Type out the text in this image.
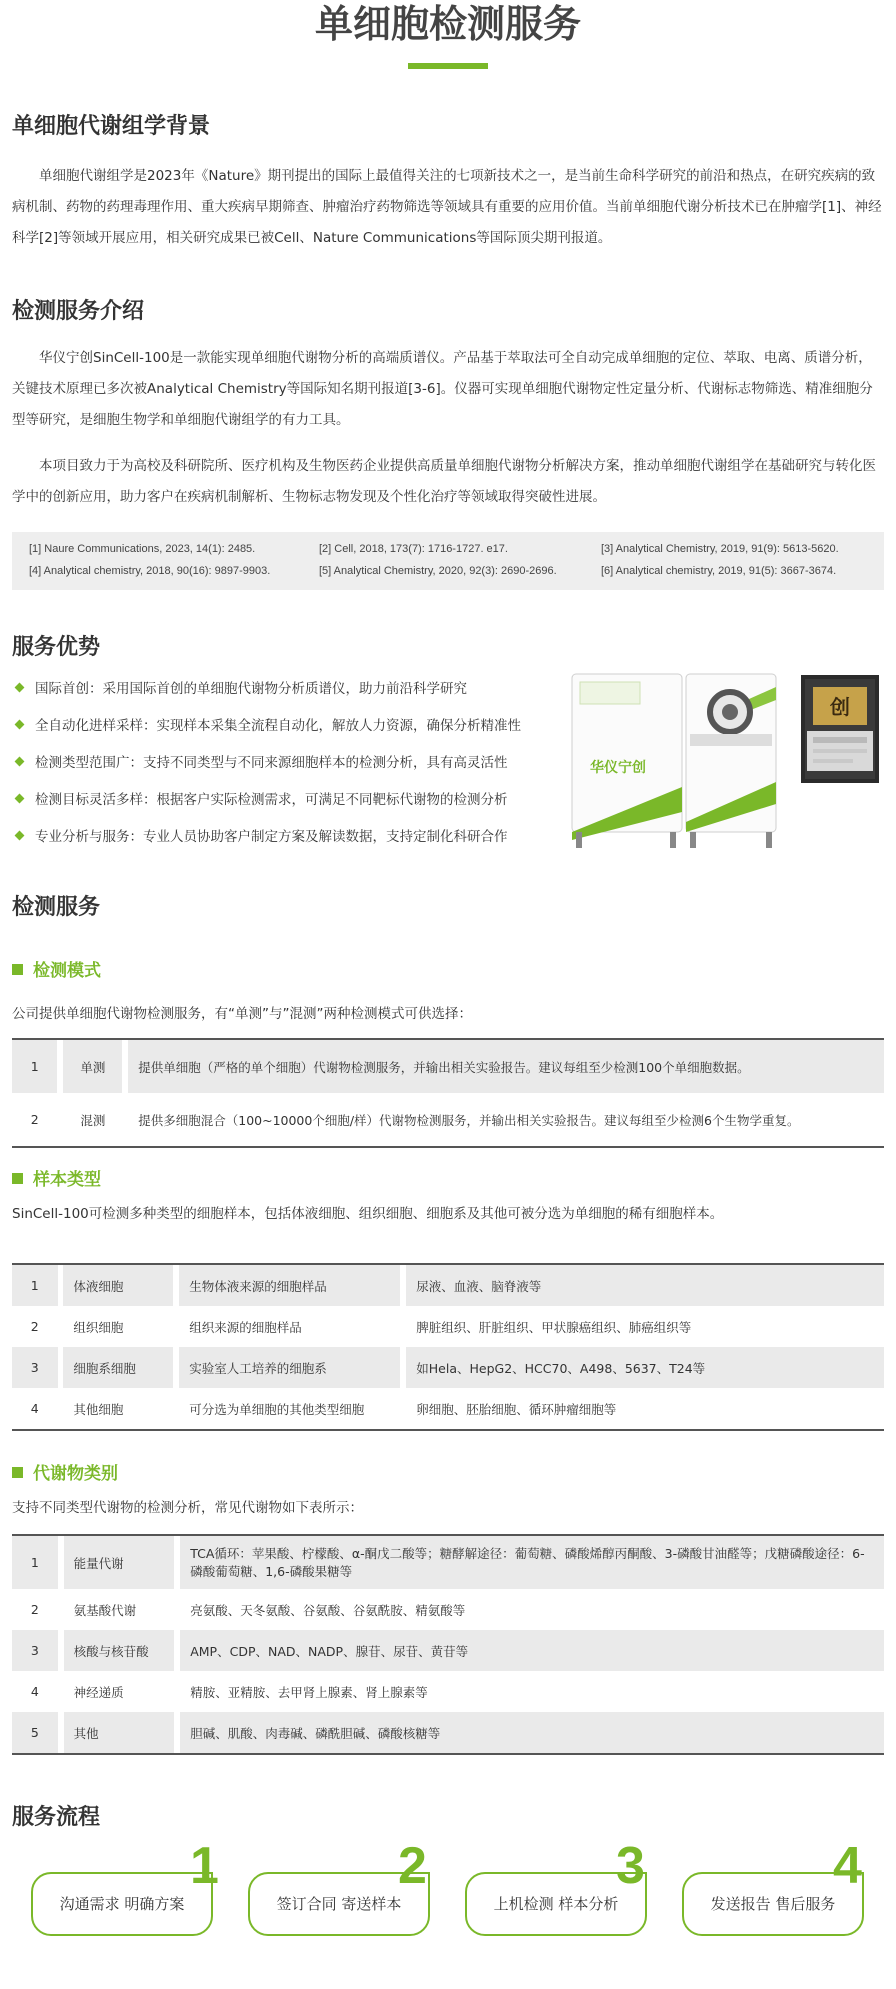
单细胞检测服务
单细胞代谢组学背景
单细胞代谢组学是2023年《Nature》期刊提出的国际上最值得关注的七项新技术之一，是当前生命科学研究的前沿和热点，在研究疾病的致病机制、药物的药理毒理作用、重大疾病早期筛查、肿瘤治疗药物筛选等领域具有重要的应用价值。当前单细胞代谢分析技术已在肿瘤学[1]、神经科学[2]等领域开展应用，相关研究成果已被Cell、Nature Communications等国际顶尖期刊报道。
检测服务介绍
华仪宁创SinCell-100是一款能实现单细胞代谢物分析的高端质谱仪。产品基于萃取法可全自动完成单细胞的定位、萃取、电离、质谱分析，关键技术原理已多次被Analytical Chemistry等国际知名期刊报道[3-6]。仪器可实现单细胞代谢物定性定量分析、代谢标志物筛选、精准细胞分型等研究，是细胞生物学和单细胞代谢组学的有力工具。
本项目致力于为高校及科研院所、医疗机构及生物医药企业提供高质量单细胞代谢物分析解决方案，推动单细胞代谢组学在基础研究与转化医学中的创新应用，助力客户在疾病机制解析、生物标志物发现及个性化治疗等领域取得突破性进展。
[1] Naure Communications, 2023, 14(1): 2485.	[2] Cell, 2018, 173(7): 1716-1727. e17.	[3] Analytical Chemistry, 2019, 91(9): 5613-5620.
[4] Analytical chemistry, 2018, 90(16): 9897-9903.	[5] Analytical Chemistry, 2020, 92(3): 2690-2696.	[6] Analytical chemistry, 2019, 91(5): 3667-3674.
服务优势
国际首创：采用国际首创的单细胞代谢物分析质谱仪，助力前沿科学研究
全自动化进样采样：实现样本采集全流程自动化，解放人力资源，确保分析精准性
检测类型范围广：支持不同类型与不同来源细胞样本的检测分析，具有高灵活性
检测目标灵活多样：根据客户实际检测需求，可满足不同靶标代谢物的检测分析
专业分析与服务：专业人员协助客户制定方案及解读数据，支持定制化科研合作
华仪宁创
创
检测服务
检测模式
公司提供单细胞代谢物检测服务，有“单测”与”混测”两种检测模式可供选择：
1		单测		提供单细胞（严格的单个细胞）代谢物检测服务，并输出相关实验报告。建议每组至少检测100个单细胞数据。
2		混测		提供多细胞混合（100~10000个细胞/样）代谢物检测服务，并输出相关实验报告。建议每组至少检测6个生物学重复。
样本类型
SinCell-100可检测多种类型的细胞样本，包括体液细胞、组织细胞、细胞系及其他可被分选为单细胞的稀有细胞样本。
1		体液细胞		生物体液来源的细胞样品		尿液、血液、脑脊液等
2		组织细胞		组织来源的细胞样品		脾脏组织、肝脏组织、甲状腺癌组织、肺癌组织等
3		细胞系细胞		实验室人工培养的细胞系		如Hela、HepG2、HCC70、A498、5637、T24等
4		其他细胞		可分选为单细胞的其他类型细胞		卵细胞、胚胎细胞、循环肿瘤细胞等
代谢物类别
支持不同类型代谢物的检测分析，常见代谢物如下表所示：
1		能量代谢		TCA循环：苹果酸、柠檬酸、α-酮戊二酸等；糖酵解途径：葡萄糖、磷酸烯醇丙酮酸、3-磷酸甘油醛等；戊糖磷酸途径：6-磷酸葡萄糖、1,6-磷酸果糖等
2		氨基酸代谢		亮氨酸、天冬氨酸、谷氨酸、谷氨酰胺、精氨酸等
3		核酸与核苷酸		AMP、CDP、NAD、NADP、腺苷、尿苷、黄苷等
4		神经递质		精胺、亚精胺、去甲肾上腺素、肾上腺素等
5		其他		胆碱、肌酸、肉毒碱、磷酰胆碱、磷酸核糖等
服务流程
沟通需求 明确方案
1
签订合同 寄送样本
2
上机检测 样本分析
3
发送报告 售后服务
4
